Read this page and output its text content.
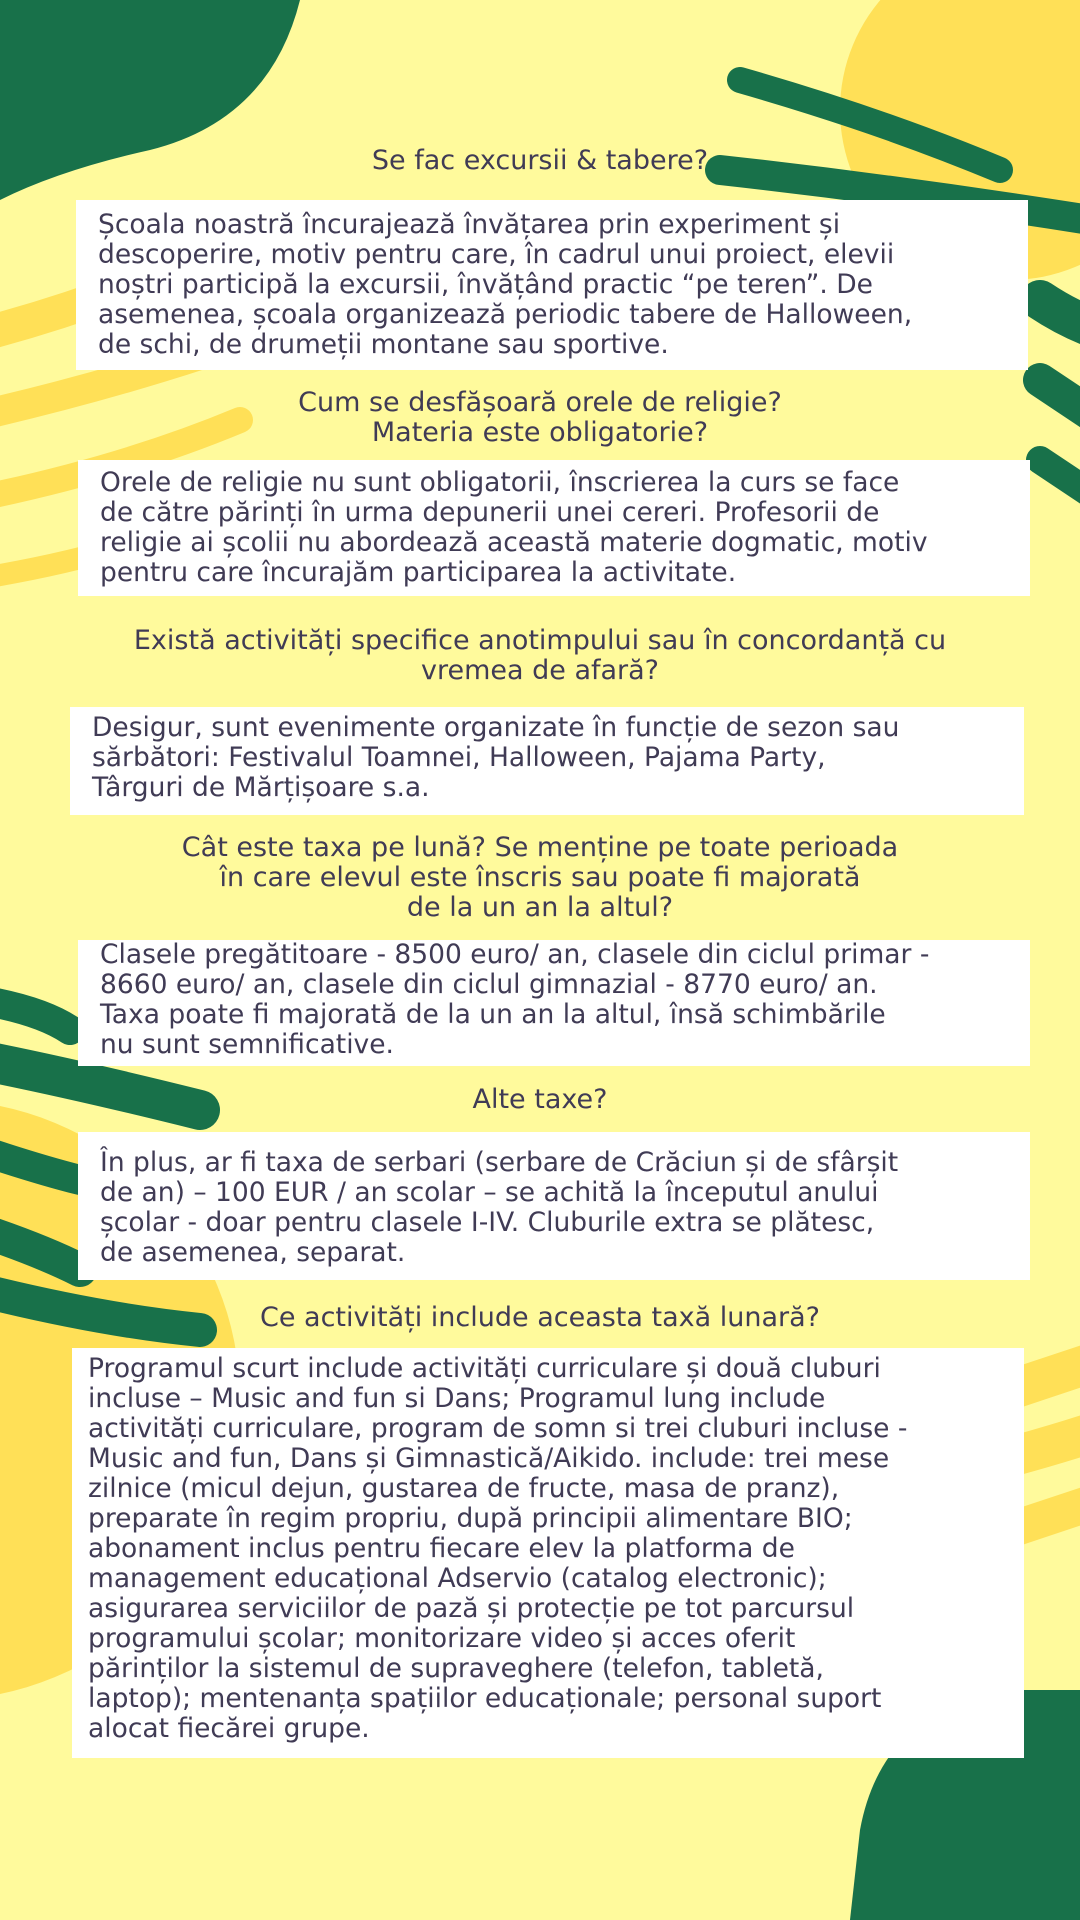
Se fac excursii & tabere?
Școala noastră încurajează învățarea prin experiment și
descoperire, motiv pentru care, în cadrul unui proiect, elevii
noștri participă la excursii, învățând practic “pe teren”. De
asemenea, școala organizează periodic tabere de Halloween,
de schi, de drumeții montane sau sportive.
Cum se desfășoară orele de religie?
Materia este obligatorie?
Orele de religie nu sunt obligatorii, înscrierea la curs se face
de către părinți în urma depunerii unei cereri. Profesorii de
religie ai școlii nu abordează această materie dogmatic, motiv
pentru care încurajăm participarea la activitate.
Există activități specifice anotimpului sau în concordanță cu
vremea de afară?
Desigur, sunt evenimente organizate în funcție de sezon sau
sărbători: Festivalul Toamnei, Halloween, Pajama Party,
Târguri de Mărțișoare s.a.
Cât este taxa pe lună? Se menține pe toate perioada
în care elevul este înscris sau poate fi majorată
de la un an la altul?
Clasele pregătitoare - 8500 euro/ an, clasele din ciclul primar -
8660 euro/ an, clasele din ciclul gimnazial - 8770 euro/ an.
Taxa poate fi majorată de la un an la altul, însă schimbările
nu sunt semnificative.
Alte taxe?
În plus, ar fi taxa de serbari (serbare de Crăciun și de sfârșit
de an) – 100 EUR / an scolar – se achită la începutul anului
școlar - doar pentru clasele I-IV. Cluburile extra se plătesc,
de asemenea, separat.
Ce activități include aceasta taxă lunară?
Programul scurt include activități curriculare și două cluburi
incluse – Music and fun si Dans; Programul lung include
activități curriculare, program de somn si trei cluburi incluse -
Music and fun, Dans și Gimnastică/Aikido. include: trei mese
zilnice (micul dejun, gustarea de fructe, masa de pranz),
preparate în regim propriu, după principii alimentare BIO;
abonament inclus pentru fiecare elev la platforma de
management educațional Adservio (catalog electronic);
asigurarea serviciilor de pază și protecție pe tot parcursul
programului școlar; monitorizare video și acces oferit
părinților la sistemul de supraveghere (telefon, tabletă,
laptop); mentenanța spațiilor educaționale; personal suport
alocat fiecărei grupe.
